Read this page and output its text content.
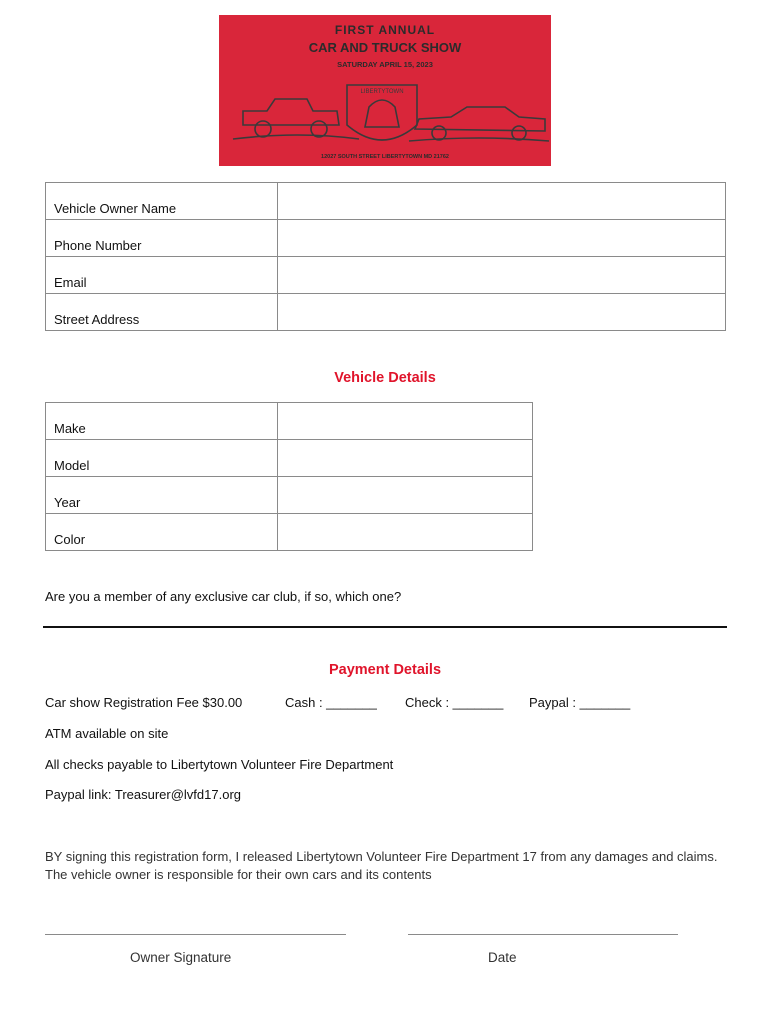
FIRST ANNUAL
CAR AND TRUCK SHOW
SATURDAY APRIL 15, 2023
LIBERTYTOWN
12027 SOUTH STREET LIBERTYTOWN MD 21762
Vehicle Owner Name	
Phone Number	
Email	
Street Address	
Vehicle Details
Make	
Model	
Year	
Color	
Are you a member of any exclusive car club, if so, which one?
Payment Details
Car show Registration Fee $30.00	Cash : _______ Check : _______ Paypal : _______
ATM available on site
All checks payable to Libertytown Volunteer Fire Department
Paypal link: Treasurer@lvfd17.org
BY signing this registration form, I released Libertytown Volunteer Fire Department 17 from any damages and claims. The vehicle owner is responsible for their own cars and its contents
Owner Signature	Date
